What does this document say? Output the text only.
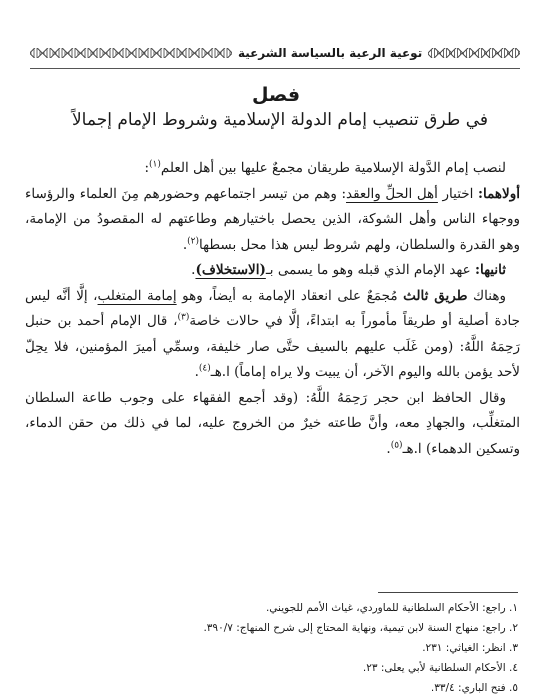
توعية الرعية بالسياسة الشرعية
فصل
في طرق تنصيب إمام الدولة الإسلامية وشروط الإمام إجمالاً

لنصب إمام الدَّولة الإسلامية طريقان مجمعٌ عليها بين أهل العلم$^{(١)}$:

أولاهما: اختيار أهل الحلِّ والعقد: وهم من تيسر اجتماعهم وحضورهم مِنَ العلماء والرؤساء ووجهاء الناس وأهل الشوكة، الذين يحصل باختيارهم وطاعتهم له المقصودُ من الإمامة، وهو القدرة والسلطان، ولهم شروط ليس هذا محل بسطها$^{(٢)}$.

ثانيها: عهد الإمام الذي قبله وهو ما يسمى بـ(الاستخلاف).

وهناك طريق ثالث مُجمَعٌ على انعقاد الإمامة به أيضاً، وهو إمامة المتغلب، إلَّا أنَّه ليس جادة أصلية أو طريقاً مأموراً به ابتداءً، إلَّا في حالات خاصة$^{(٣)}$، قال الإمام أحمد بن حنبل رَحِمَهُ اللَّهُ: (ومن غَلَب عليهم بالسيف حتَّى صار خليفة، وسمِّي أميرَ المؤمنين، فلا يحِلّ لأحد يؤمن بالله واليوم الآخر، أن يبيت ولا يراه إماماً) ا.هـ$^{(٤)}$.

وقال الحافظ ابن حجر رَحِمَهُ اللَّهُ: (وقد أجمع الفقهاء على وجوب طاعة السلطان المتغلِّب، والجهادِ معه، وأنَّ طاعته خيرٌ من الخروج عليه، لما في ذلك من حقن الدماء، وتسكين الدهماء) ا.هـ$^{(٥)}$.

١. راجع: الأحكام السلطانية للماوردي، غياث الأمم للجويني.
٢. راجع: منهاج السنة لابن تيمية، ونهاية المحتاج إلى شرح المنهاج: ٣٩٠/٧.
٣. انظر: الغياثي: ٢٣١.
٤. الأحكام السلطانية لأبي يعلى: ٢٣.
٥. فتح الباري: ٣٣/٤.
